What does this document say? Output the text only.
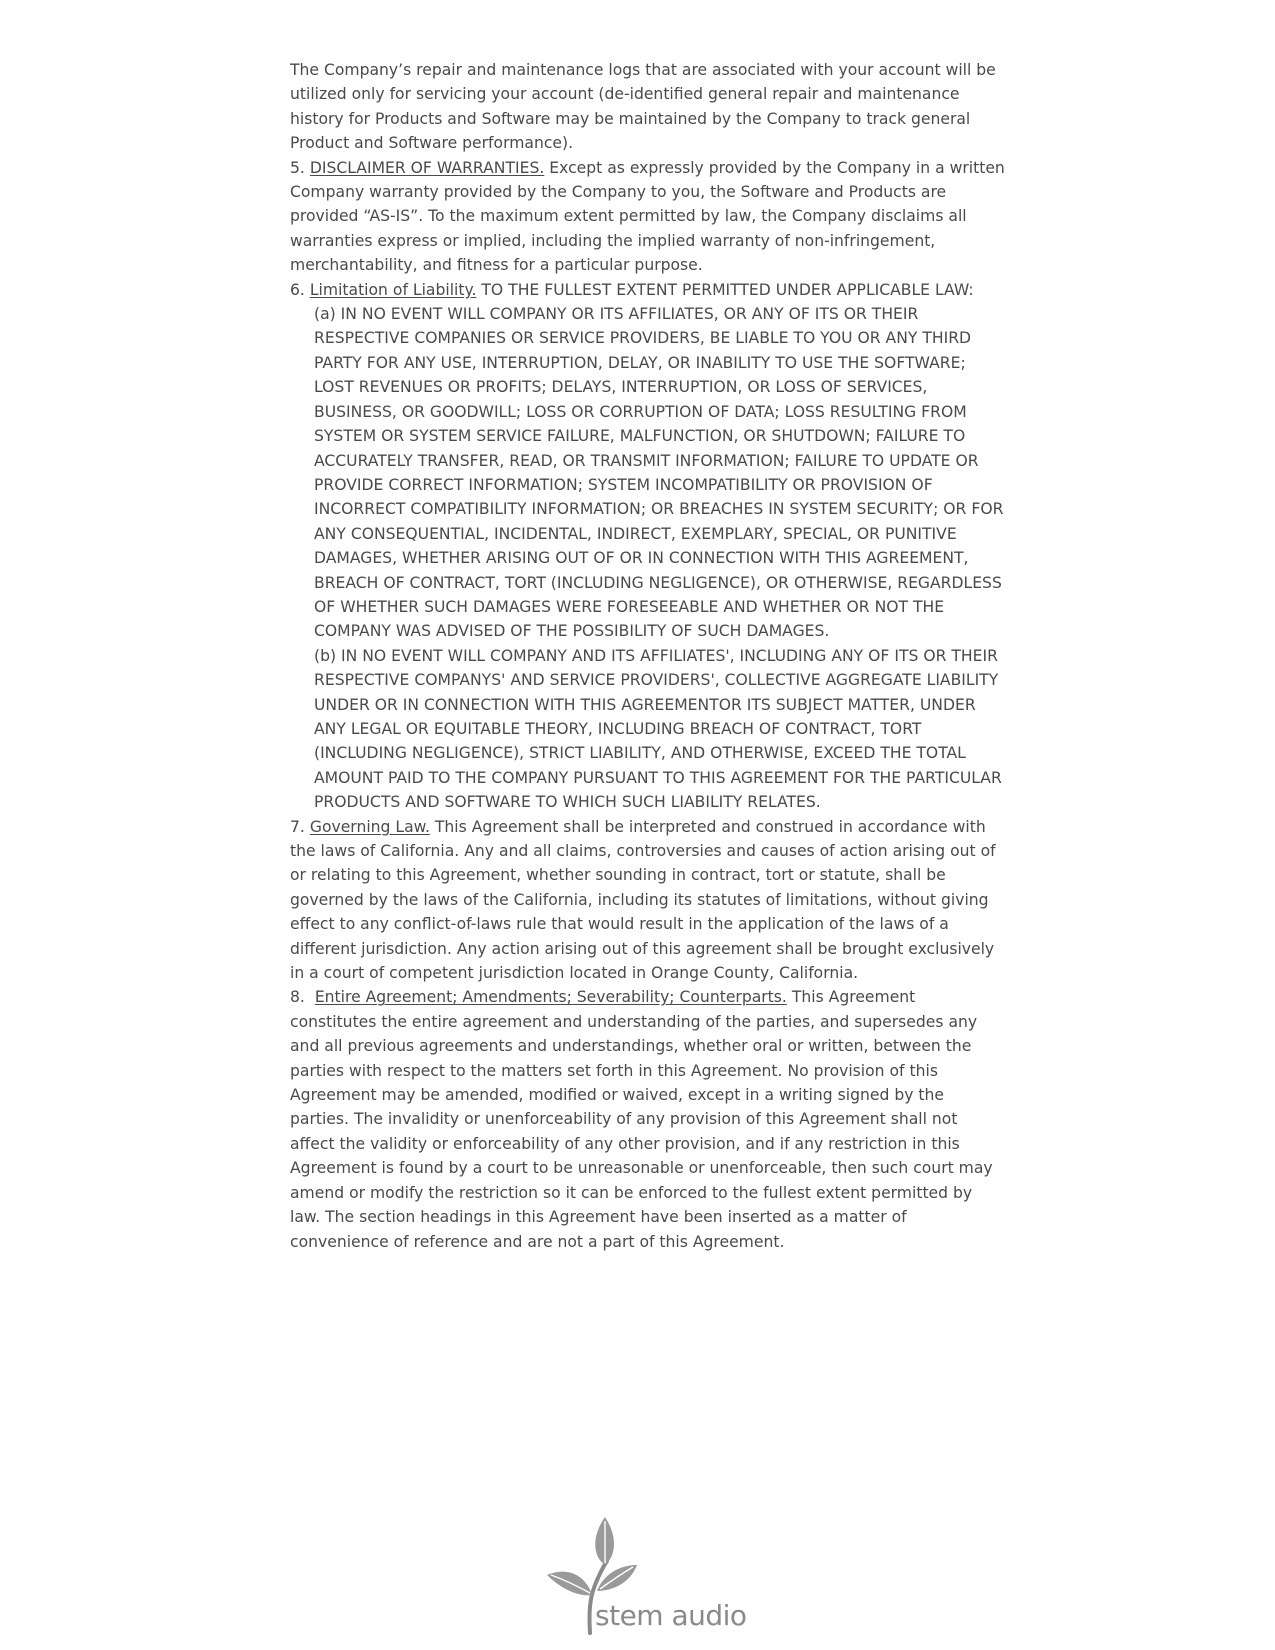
The Company’s repair and maintenance logs that are associated with your account will be utilized only for servicing your account (de-identified general repair and maintenance history for Products and Software may be maintained by the Company to track general Product and Software performance).

5. DISCLAIMER OF WARRANTIES. Except as expressly provided by the Company in a written Company warranty provided by the Company to you, the Software and Products are provided “AS-IS”. To the maximum extent permitted by law, the Company disclaims all warranties express or implied, including the implied warranty of non-infringement, merchantability, and fitness for a particular purpose.

6. Limitation of Liability. TO THE FULLEST EXTENT PERMITTED UNDER APPLICABLE LAW:

(a) IN NO EVENT WILL COMPANY OR ITS AFFILIATES, OR ANY OF ITS OR THEIR RESPECTIVE COMPANIES OR SERVICE PROVIDERS, BE LIABLE TO YOU OR ANY THIRD PARTY FOR ANY USE, INTERRUPTION, DELAY, OR INABILITY TO USE THE SOFTWARE; LOST REVENUES OR PROFITS; DELAYS, INTERRUPTION, OR LOSS OF SERVICES, BUSINESS, OR GOODWILL; LOSS OR CORRUPTION OF DATA; LOSS RESULTING FROM SYSTEM OR SYSTEM SERVICE FAILURE, MALFUNCTION, OR SHUTDOWN; FAILURE TO ACCURATELY TRANSFER, READ, OR TRANSMIT INFORMATION; FAILURE TO UPDATE OR PROVIDE CORRECT INFORMATION; SYSTEM INCOMPATIBILITY OR PROVISION OF INCORRECT COMPATIBILITY INFORMATION; OR BREACHES IN SYSTEM SECURITY; OR FOR ANY CONSEQUENTIAL, INCIDENTAL, INDIRECT, EXEMPLARY, SPECIAL, OR PUNITIVE DAMAGES, WHETHER ARISING OUT OF OR IN CONNECTION WITH THIS AGREEMENT, BREACH OF CONTRACT, TORT (INCLUDING NEGLIGENCE), OR OTHERWISE, REGARDLESS OF WHETHER SUCH DAMAGES WERE FORESEEABLE AND WHETHER OR NOT THE COMPANY WAS ADVISED OF THE POSSIBILITY OF SUCH DAMAGES.

(b) IN NO EVENT WILL COMPANY AND ITS AFFILIATES', INCLUDING ANY OF ITS OR THEIR RESPECTIVE COMPANYS' AND SERVICE PROVIDERS', COLLECTIVE AGGREGATE LIABILITY UNDER OR IN CONNECTION WITH THIS AGREEMENTOR ITS SUBJECT MATTER, UNDER ANY LEGAL OR EQUITABLE THEORY, INCLUDING BREACH OF CONTRACT, TORT (INCLUDING NEGLIGENCE), STRICT LIABILITY, AND OTHERWISE, EXCEED THE TOTAL AMOUNT PAID TO THE COMPANY PURSUANT TO THIS AGREEMENT FOR THE PARTICULAR PRODUCTS AND SOFTWARE TO WHICH SUCH LIABILITY RELATES.

7. Governing Law. This Agreement shall be interpreted and construed in accordance with the laws of California. Any and all claims, controversies and causes of action arising out of or relating to this Agreement, whether sounding in contract, tort or statute, shall be governed by the laws of the California, including its statutes of limitations, without giving effect to any conflict-of-laws rule that would result in the application of the laws of a different jurisdiction. Any action arising out of this agreement shall be brought exclusively in a court of competent jurisdiction located in Orange County, California.

8. Entire Agreement; Amendments; Severability; Counterparts. This Agreement constitutes the entire agreement and understanding of the parties, and supersedes any and all previous agreements and understandings, whether oral or written, between the parties with respect to the matters set forth in this Agreement. No provision of this Agreement may be amended, modified or waived, except in a writing signed by the parties. The invalidity or unenforceability of any provision of this Agreement shall not affect the validity or enforceability of any other provision, and if any restriction in this Agreement is found by a court to be unreasonable or unenforceable, then such court may amend or modify the restriction so it can be enforced to the fullest extent permitted by law. The section headings in this Agreement have been inserted as a matter of convenience of reference and are not a part of this Agreement.

stem audio
